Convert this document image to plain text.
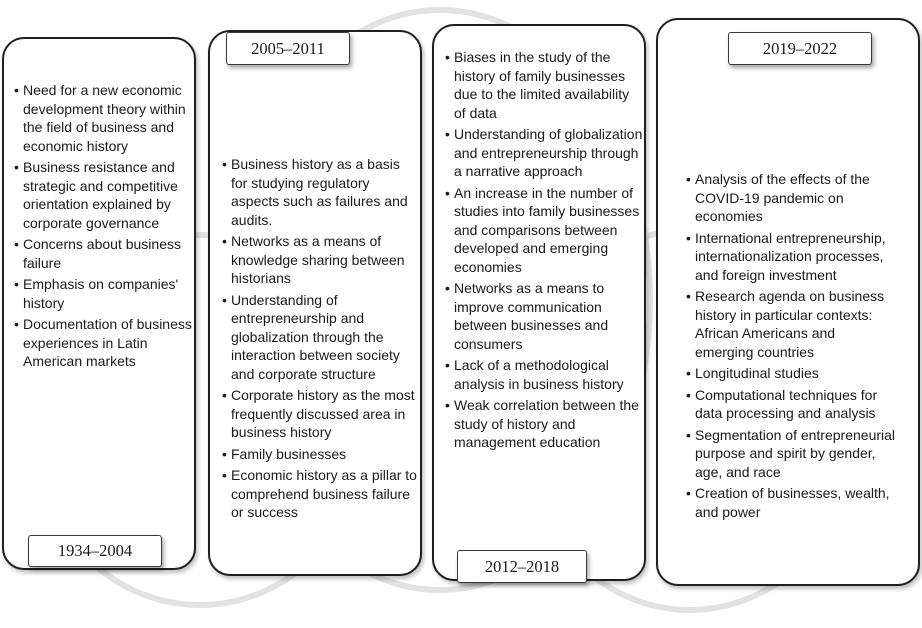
• Need for a new economic development theory within the field of business and economic history
• Business resistance and strategic and competitive orientation explained by corporate governance
• Concerns about business failure
• Emphasis on companies' history
• Documentation of business experiences in Latin American markets
• Business history as a basis for studying regulatory aspects such as failures and audits.
• Networks as a means of knowledge sharing between historians
• Understanding of entrepreneurship and globalization through the interaction between society and corporate structure
• Corporate history as the most frequently discussed area in business history
• Family businesses
• Economic history as a pillar to comprehend business failure or success
• Biases in the study of the history of family businesses due to the limited availability of data
• Understanding of globalization and entrepreneurship through a narrative approach
• An increase in the number of studies into family businesses and comparisons between developed and emerging economies
• Networks as a means to improve communication between businesses and consumers
• Lack of a methodological analysis in business history
• Weak correlation between the study of history and management education
• Analysis of the effects of the COVID-19 pandemic on economies
• International entrepreneurship, internationalization processes, and foreign investment
• Research agenda on business history in particular contexts: African Americans and emerging countries
• Longitudinal studies
• Computational techniques for data processing and analysis
• Segmentation of entrepreneurial purpose and spirit by gender, age, and race
• Creation of businesses, wealth, and power
1934–2004
2005–2011
2012–2018
2019–2022
